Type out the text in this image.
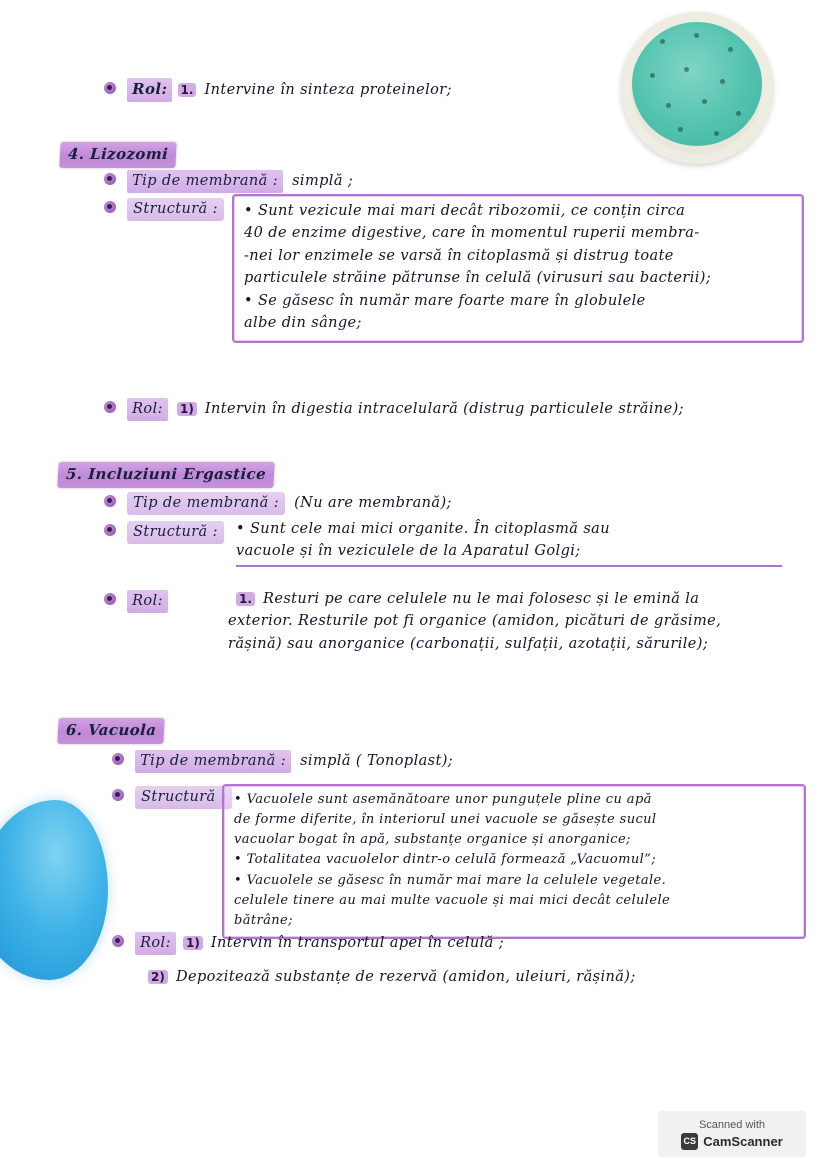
Rol: 1. Intervine în sinteza proteinelor;
4. Lizozomi
Tip de membrană : simplă ;
Structură :	• Sunt vezicule mai mari decât ribozomii, ce conțin circa
40 de enzime digestive, care în momentul ruperii membra-
-nei lor enzimele se varsă în citoplasmă și distrug toate
particulele străine pătrunse în celulă (virusuri sau bacterii);
• Se găsesc în număr mare foarte mare în globulele
albe din sânge;
Rol: 1) Intervin în digestia intracelulară (distrug particulele străine);
5. Incluziuni Ergastice
Tip de membrană : (Nu are membrană);
Structură :	• Sunt cele mai mici organite. În citoplasmă sau
vacuole și în veziculele de la Aparatul Golgi;
Rol:	1. Resturi pe care celulele nu le mai folosesc și le emină la
exterior. Resturile pot fi organice (amidon, picături de grăsime,
rășină) sau anorganice (carbonații, sulfații, azotații, sărurile);
6. Vacuola
Tip de membrană : simplă ( Tonoplast);
Structură : • Vacuolele sunt asemănătoare unor punguțele pline cu apă
de forme diferite, în interiorul unei vacuole se găsește sucul
vacuolar bogat în apă, substanțe organice și anorganice;
• Totalitatea vacuolelor dintr-o celulă formează „Vacuomul”;
• Vacuolele se găsesc în număr mai mare la celulele vegetale.
celulele tinere au mai multe vacuole și mai mici decât celulele
bătrâne;
Rol: 1) Intervin în transportul apei în celulă ;
2) Depozitează substanțe de rezervă (amidon, uleiuri, rășină);
Scanned with
CS CamScanner
